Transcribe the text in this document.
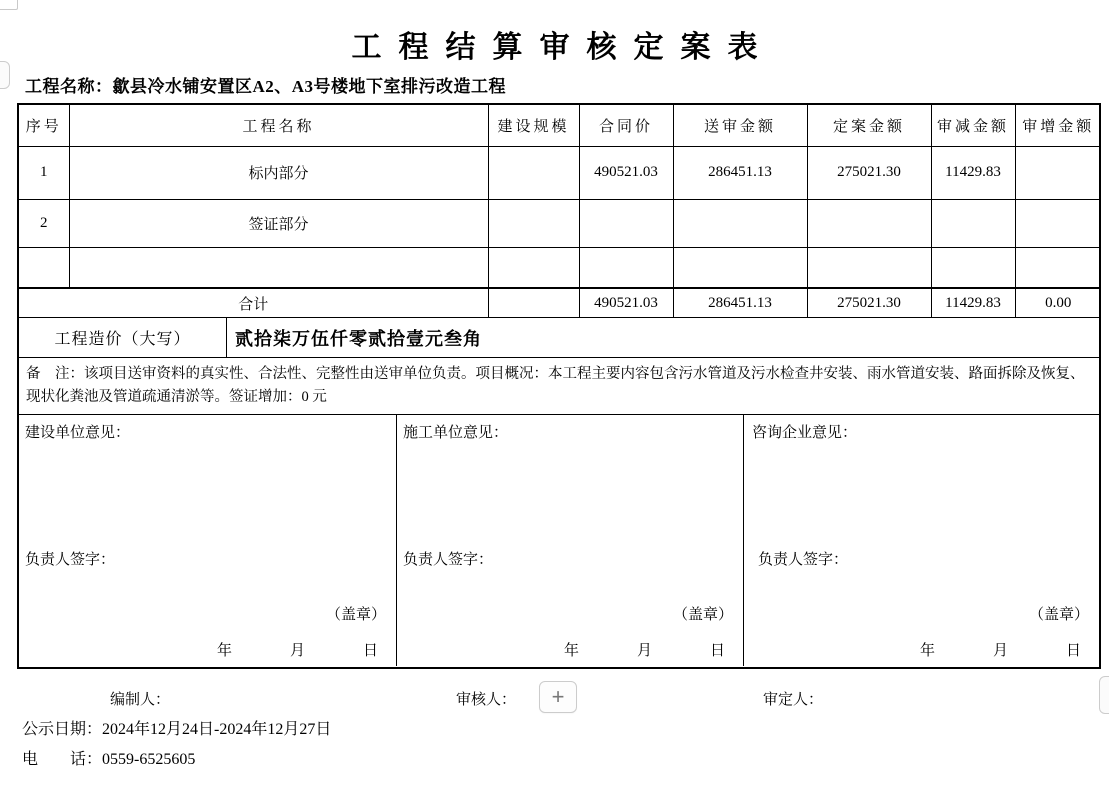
工程结算审核定案表
工程名称：歙县冷水铺安置区A2、A3号楼地下室排污改造工程
序号	工程名称	建设规模	合同价	送审金额	定案金额	审减金额	审增金额
1	标内部分		490521.03	286451.13	275021.30	11429.83	
2	签证部分						

合计			490521.03	286451.13	275021.30	11429.83	0.00
工程造价（大写）	贰拾柒万伍仟零贰拾壹元叁角
备　注：该项目送审资料的真实性、合法性、完整性由送审单位负责。项目概况：本工程主要内容包含污水管道及污水检查井安装、雨水管道安装、路面拆除及恢复、现状化粪池及管道疏通清淤等。签证增加：0 元
建设单位意见：
负责人签字：
（盖章）
年	月	日
施工单位意见：
负责人签字：
（盖章）
年	月	日
咨询企业意见：
负责人签字：
（盖章）
年	月	日
编制人：	审核人：	+	审定人：
公示日期：2024年12月24日-2024年12月27日
电　　话：0559-6525605
